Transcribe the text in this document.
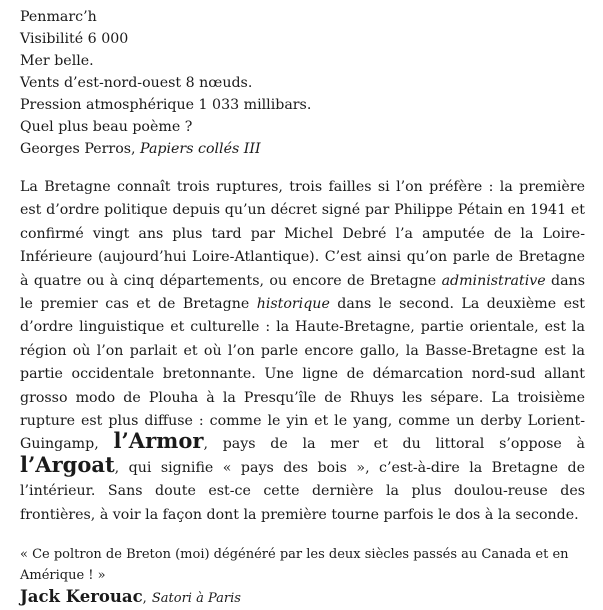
Penmarc’h
Visibilité 6 000
Mer belle.
Vents d’est-nord-ouest 8 nœuds.
Pression atmosphérique 1 033 millibars.
Quel plus beau poème ?
Georges Perros, Papiers collés III

La Bretagne connaît trois ruptures, trois failles si l’on préfère : la première est d’ordre politique depuis qu’un décret signé par Philippe Pétain en 1941 et confirmé vingt ans plus tard par Michel Debré l’a amputée de la Loire-Inférieure (aujourd’hui Loire-Atlantique). C’est ainsi qu’on parle de Bretagne à quatre ou à cinq départements, ou encore de Bretagne administrative dans le premier cas et de Bretagne historique dans le second. La deuxième est d’ordre linguistique et culturelle : la Haute-Bretagne, partie orientale, est la région où l’on parlait et où l’on parle encore gallo, la Basse-Bretagne est la partie occidentale bretonnante. Une ligne de démarcation nord-sud allant grosso modo de Plouha à la Presqu’île de Rhuys les sépare. La troisième rupture est plus diffuse : comme le yin et le yang, comme un derby Lorient-Guingamp, l’Armor, pays de la mer et du littoral s’oppose à l’Argoat, qui signifie « pays des bois », c’est-à-dire la Bretagne de l’intérieur. Sans doute est-ce cette dernière la plus doulou-reuse des frontières, à voir la façon dont la première tourne parfois le dos à la seconde.

« Ce poltron de Breton (moi) dégénéré par les deux siècles passés au Canada et en Amérique ! »

Jack Kerouac, Satori à Paris
